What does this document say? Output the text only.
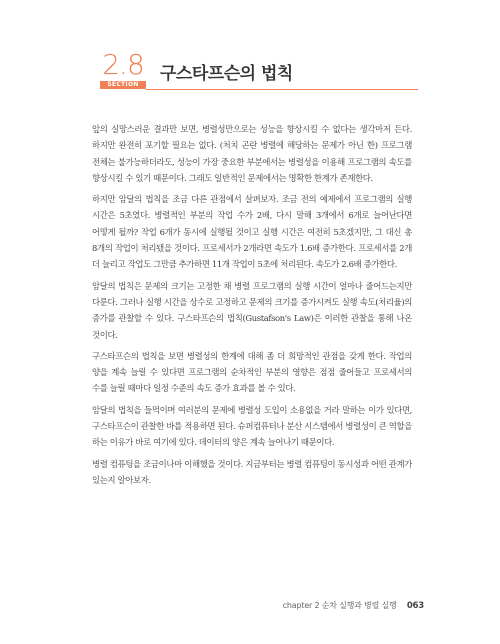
2.8
SECTION
구스타프슨의 법칙

앞의 실망스러운 결과만 보면, 병렬성만으로는 성능을 향상시킬 수 없다는 생각마저 든다. 하지만 완전히 포기할 필요는 없다. (처치 곤란 병렬에 해당하는 문제가 아닌 한) 프로그램 전체는 불가능하더라도, 성능이 가장 중요한 부분에서는 병렬성을 이용해 프로그램의 속도를 향상시킬 수 있기 때문이다. 그래도 일반적인 문제에서는 명확한 한계가 존재한다.

하지만 암달의 법칙을 조금 다른 관점에서 살펴보자. 조금 전의 예제에서 프로그램의 실행 시간은 5초였다. 병렬적인 부분의 작업 수가 2배, 다시 말해 3개에서 6개로 늘어난다면 어떻게 될까? 작업 6개가 동시에 실행될 것이고 실행 시간은 여전히 5초겠지만, 그 대신 총 8개의 작업이 처리됐을 것이다. 프로세서가 2개라면 속도가 1.6배 증가한다. 프로세서를 2개 더 늘리고 작업도 그만큼 추가하면 11개 작업이 5초에 처리된다. 속도가 2.6배 증가한다.

암달의 법칙은 문제의 크기는 고정한 채 병렬 프로그램의 실행 시간이 얼마나 줄어드는지만 다룬다. 그러나 실행 시간을 상수로 고정하고 문제의 크기를 증가시켜도 실행 속도(처리율)의 증가를 관찰할 수 있다. 구스타프슨의 법칙(Gustafson's Law)은 이러한 관찰을 통해 나온 것이다.

구스타프슨의 법칙을 보면 병렬성의 한계에 대해 좀 더 희망적인 관점을 갖게 한다. 작업의 양을 계속 늘릴 수 있다면 프로그램의 순차적인 부분의 영향은 점점 줄어들고 프로세서의 수를 늘릴 때마다 일정 수준의 속도 증가 효과를 볼 수 있다.

암달의 법칙을 들먹이며 여러분의 문제에 병렬성 도입이 소용없을 거라 말하는 이가 있다면, 구스타프슨이 관찰한 바를 적용하면 된다. 슈퍼컴퓨터나 분산 시스템에서 병렬성이 큰 역할을 하는 이유가 바로 여기에 있다. 데이터의 양은 계속 늘어나기 때문이다.

병렬 컴퓨팅을 조금이나마 이해했을 것이다. 지금부터는 병렬 컴퓨팅이 동시성과 어떤 관계가 있는지 알아보자.

chapter 2 순차 실행과 병렬 실행 063
